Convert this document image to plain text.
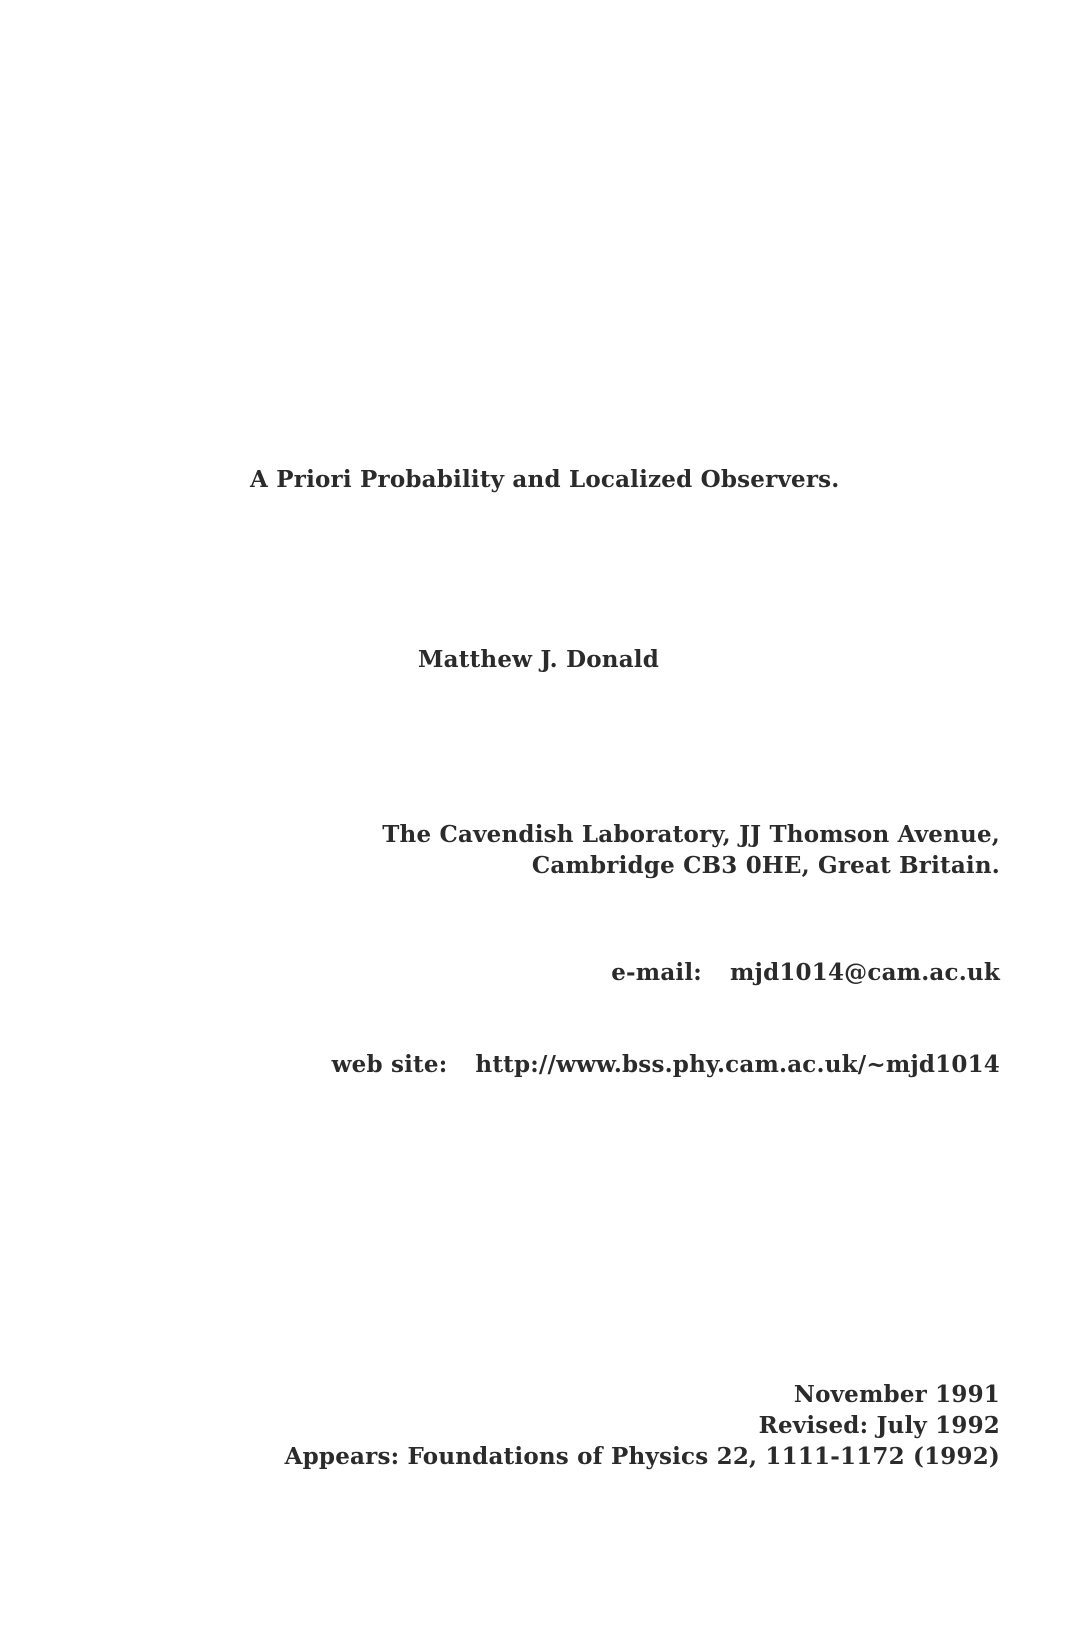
A Priori Probability and Localized Observers.
Matthew J. Donald
The Cavendish Laboratory, JJ Thomson Avenue,
Cambridge CB3 0HE, Great Britain.
e-mail: mjd1014@cam.ac.uk
web site: http://www.bss.phy.cam.ac.uk/~mjd1014
November 1991
Revised: July 1992
Appears: Foundations of Physics 22, 1111-1172 (1992)
